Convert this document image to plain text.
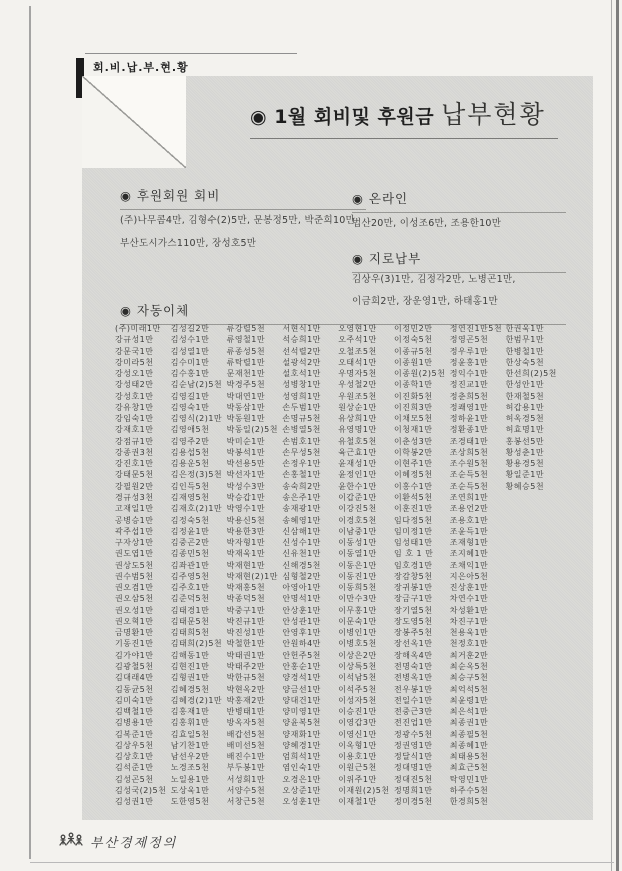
회.비.납.부.현.황
◉ 1월 회비및 후원금 납부현황
◉ 후원회원 회비
(주)나무콤4만, 김형수(2)5만, 문봉정5만, 박준희10만
부산도시가스110만, 장성호5만
◉ 온라인
법산20만, 이성조6만, 조용한10만
◉ 지로납부
김상우(3)1만, 김정각2만, 노병곤1만,
이금희2만, 장운영1만, 하태홍1만
◉ 자동이체
(주)미래1만
강규성1만
강문국1만
강미라5천
강성오1만
강성태2만
강성호1만
강유창1만
강임숙1만
강재호1만
강점규1만
강종권3천
강진호1만
강태문5천
강필원2만
경규성3천
고재일1만
공병승1만
곽주섭1만
구자상1만
권도엽1만
권상도5천
권수범5천
권오겸1만
권오삼5천
권오성1만
권오혁1만
금명환1만
기동진1만
김가야1만
김광철5천
김대래4만
김동균5천
김미숙1만
김백철1만
김병용1만
김복준1만
김상우5천
김상호1만
김석준1만
김성곤5천
김성국(2)5천
김성권1만
김성길2만
김성수1만
김성열1만
김수미1만
김수홍1만
김순남(2)5천
김영길1만
김영숙1만
김영식(2)1만
김영애5천
김영주2만
김용섭5천
김용운5천
김은정(3)5천
김인득5천
김재영5천
김재호(2)1만
김정숙5천
김정윤1만
김중곤2만
김종민5천
김좌관1만
김주영5천
김주호1만
김준덕5천
김태경1만
김태문5천
김태희5천
김태희(2)5천
김해동1만
김현진1만
김형권1만
김혜경5천
김혜경(2)1만
김홍재1만
김홍휘1만
김효일5천
남기찬1만
남선우2만
노경조5천
노일용1만
도상욱1만
도한영5천
류강렬5천
류영철1만
류종성5천
류탁렬1만
문재천1만
박경주5천
박대연1만
박동삼1만
박동원1만
박동일(2)5천
박미순1만
박봉석1만
박선용5만
박선자1만
박성수3만
박승갑1만
박영수1만
박용신5천
박용한3만
박자형1만
박재욱1만
박재현1만
박재현(2)1만
박재홍5천
박종덕5천
박중구1만
박진규1만
박진성1만
박철한1만
박태권1만
박태주2만
박한규5천
박현옥2만
박홍재2만
반병태1만
방옥자5천
배갑선5천
배미선5천
배진수1만
부두봉1만
서성회1만
서양수5천
서창근5천
서현식1만
석승희1만
선석렬2만
설광석2만
설호석1만
성병창1만
성영희1만
손두범1만
손명규5천
손병열5천
손범호1만
손무성5천
손정우1만
손홍철1만
송숙희2만
송은주1만
송재광1만
송혜영1만
신삼해1만
신성수1만
신유천1만
신해경5천
심형철2만
아영아1만
안명석1만
안상훈1만
안성관1만
안영후1만
안원하4만
안헌주5천
안홍순1만
양경석1만
양금선1만
양대건1만
양미영1만
양윤복5천
양재화1만
양혜경1만
엄희석1만
염인숙1만
오경은1만
오상준1만
오성훈1만
오영현1만
오주석1만
오철조5천
오태석1만
우명자5천
우성철2만
우원조5천
원상순1만
유상희1만
유영명1만
유철호5천
육근효1만
윤재성1만
윤정인1만
윤한수1만
이갑준1만
이강진5천
이경호5천
이남중1만
이동성1만
이동열1만
이동은1만
이동진1만
이동희5천
이만수3만
이무홍1만
이문숙1만
이병인1만
이병호5천
이상은2만
이상특5천
이석남5천
이석주5천
이성자5천
이승진1만
이영갑3만
이영신1만
이옥형1만
이용호1만
이원근5천
이위주1만
이재원(2)5천
이재철1만
이정민2만
이정숙5천
이종규5천
이종원1만
이종원(2)5천
이종학1만
이진화5천
이진희3만
이채모5천
이청재1만
이춘성3만
이학봉2만
이현주1만
이혜정5천
이홍수1만
이환석5천
이훈진1만
임다정5천
임미정1만
임성태1만
임 호 1 만
임호경1만
장감창5천
장귀봉1만
장금구1만
장기열5천
장도영5천
장봉주5천
장선옥1만
장해옥4만
전명숙1만
전병옥1만
전우봉1만
전일수1만
전중근3만
전진업1만
정광수5천
정권영1만
정달식1만
정대명1만
정대진5천
정명희1만
정미경5천
정연진1만5천
정영곤5천
정우루1만
정윤홍1만
정익수1만
정진교1만
정춘희5천
정쾌영1만
정하윤1만
정환종1만
조경태1만
조상희5천
조수원5천
조순득5천
조순득5천
조연희1만
조용언2만
조용호1만
조윤득1만
조재형1만
조지혜1만
조채익1만
지은아5천
진상훈1만
차연수1만
차성환1만
차진구1만
천용욱1만
천정호1만
최거훈2만
최순옥5천
최승구5천
최억석5천
최윤령1만
최은석1만
최종권1만
최종필5천
최종혜1만
최태용5천
최효근5천
탁영민1만
하주수5천
한경희5천
한권욱1만
한범무1만
한병철1만
한상숙5천
한선희(2)5천
한성안1만
한재철5천
허갑용1만
허옥경5천
허효명1만
홍봉선5만
황성춘1만
황용경5천
황일준1만
황혜승5천
부산경제정의
